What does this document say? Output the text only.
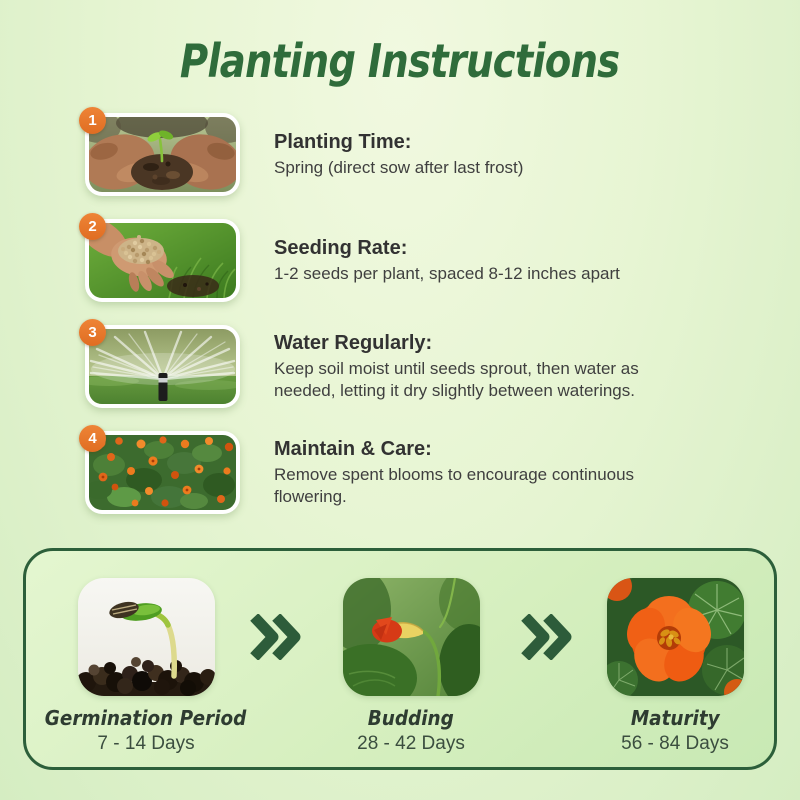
Planting Instructions
1
Planting Time:
Spring (direct sow after last frost)
2
Seeding Rate:
1-2 seeds per plant, spaced 8-12 inches apart
3	Water Regularly:
Keep soil moist until seeds sprout, then water as needed, letting it dry slightly between waterings.
4	Maintain & Care:
Remove spent blooms to encourage continuous flowering.
Germination Period
7 - 14 Days
Budding
28 - 42 Days
Maturity
56 - 84 Days
